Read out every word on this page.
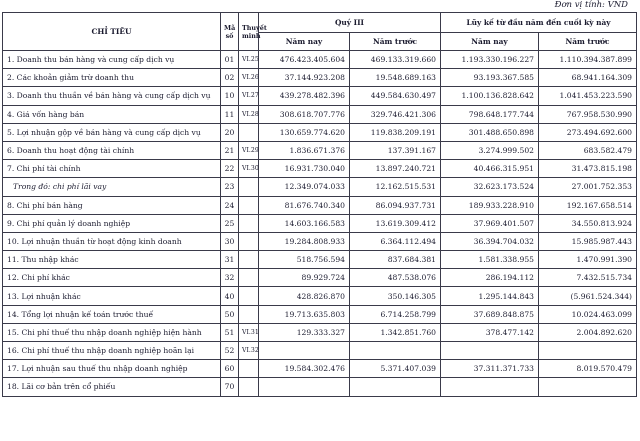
Đơn vị tính: VND
CHỈ TIÊU	Mã số	Thuyết minh	Quý III		Lũy kế từ đầu năm đến cuối kỳ này	
			Năm nay	Năm trước	Năm nay	Năm trước
1. Doanh thu bán hàng và cung cấp dịch vụ	01	VI.25	476.423.405.604	469.133.319.660	1.193.330.196.227	1.110.394.387.899
2. Các khoản giảm trừ doanh thu	02	VI.26	37.144.923.208	19.548.689.163	93.193.367.585	68.941.164.309
3. Doanh thu thuần về bán hàng và cung cấp dịch vụ	10	VI.27	439.278.482.396	449.584.630.497	1.100.136.828.642	1.041.453.223.590
4. Giá vốn hàng bán	11	VI.28	308.618.707.776	329.746.421.306	798.648.177.744	767.958.530.990
5. Lợi nhuận gộp về bán hàng và cung cấp dịch vụ	20		130.659.774.620	119.838.209.191	301.488.650.898	273.494.692.600
6. Doanh thu hoạt động tài chính	21	VI.29	1.836.671.376	137.391.167	3.274.999.502	683.582.479
7. Chi phí tài chính	22	VI.30	16.931.730.040	13.897.240.721	40.466.315.951	31.473.815.198
Trong đó: chi phí lãi vay	23		12.349.074.033	12.162.515.531	32.623.173.524	27.001.752.353
8. Chi phí bán hàng	24		81.676.740.340	86.094.937.731	189.933.228.910	192.167.658.514
9. Chi phí quản lý doanh nghiệp	25		14.603.166.583	13.619.309.412	37.969.401.507	34.550.813.924
10. Lợi nhuận thuần từ hoạt động kinh doanh	30		19.284.808.933	6.364.112.494	36.394.704.032	15.985.987.443
11. Thu nhập khác	31		518.756.594	837.684.381	1.581.338.955	1.470.991.390
12. Chi phí khác	32		89.929.724	487.538.076	286.194.112	7.432.515.734
13. Lợi nhuận khác	40		428.826.870	350.146.305	1.295.144.843	(5.961.524.344)
14. Tổng lợi nhuận kế toán trước thuế	50		19.713.635.803	6.714.258.799	37.689.848.875	10.024.463.099
15. Chi phí thuế thu nhập doanh nghiệp hiện hành	51	VI.31	129.333.327	1.342.851.760	378.477.142	2.004.892.620
16. Chi phí thuế thu nhập doanh nghiệp hoãn lại	52	VI.32				
17. Lợi nhuận sau thuế thu nhập doanh nghiệp	60		19.584.302.476	5.371.407.039	37.311.371.733	8.019.570.479
18. Lãi cơ bản trên cổ phiếu	70					
